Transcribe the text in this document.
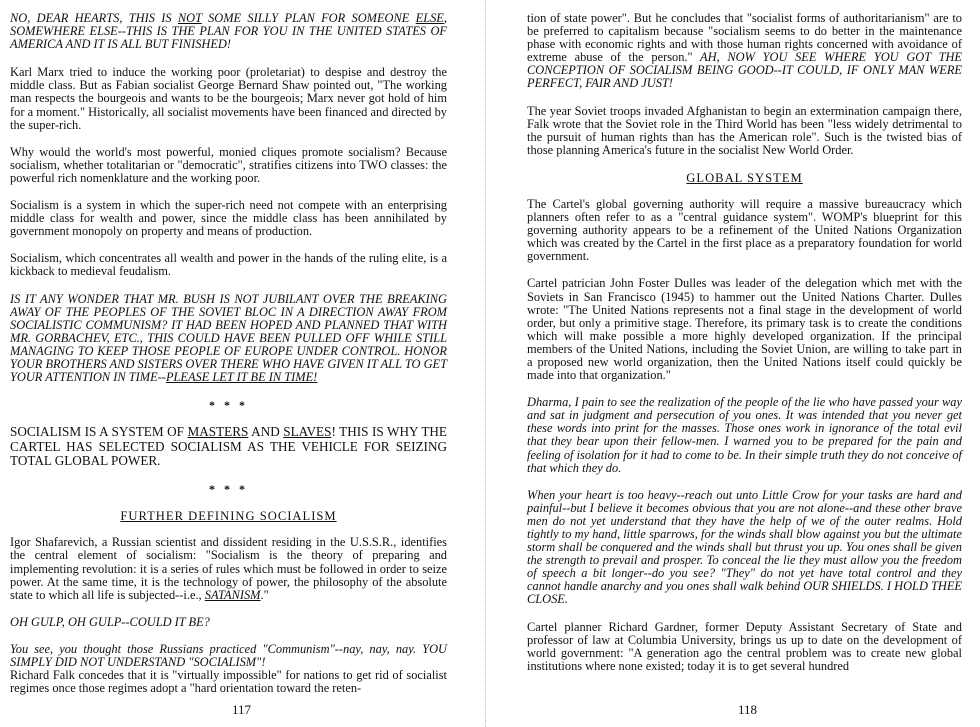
NO, DEAR HEARTS, THIS IS NOT SOME SILLY PLAN FOR SOMEONE ELSE, SOMEWHERE ELSE--THIS IS THE PLAN FOR YOU IN THE UNITED STATES OF AMERICA AND IT IS ALL BUT FINISHED!

Karl Marx tried to induce the working poor (proletariat) to despise and destroy the middle class. But as Fabian socialist George Bernard Shaw pointed out, "The working man respects the bourgeois and wants to be the bourgeois; Marx never got hold of him for a moment." Historically, all socialist movements have been financed and directed by the super-rich.

Why would the world's most powerful, monied cliques promote socialism? Because socialism, whether totalitarian or "democratic", stratifies citizens into TWO classes: the powerful rich nomenklature and the working poor.

Socialism is a system in which the super-rich need not compete with an enterprising middle class for wealth and power, since the middle class has been annihilated by government monopoly on property and means of production.

Socialism, which concentrates all wealth and power in the hands of the ruling elite, is a kickback to medieval feudalism.

IS IT ANY WONDER THAT MR. BUSH IS NOT JUBILANT OVER THE BREAKING AWAY OF THE PEOPLES OF THE SOVIET BLOC IN A DIRECTION AWAY FROM SOCIALISTIC COMMUNISM? IT HAD BEEN HOPED AND PLANNED THAT WITH MR. GORBACHEV, ETC., THIS COULD HAVE BEEN PULLED OFF WHILE STILL MANAGING TO KEEP THOSE PEOPLE OF EUROPE UNDER CONTROL. HONOR YOUR BROTHERS AND SISTERS OVER THERE WHO HAVE GIVEN IT ALL TO GET YOUR ATTENTION IN TIME--PLEASE LET IT BE IN TIME!

* * *

SOCIALISM IS A SYSTEM OF MASTERS AND SLAVES! THIS IS WHY THE CARTEL HAS SELECTED SOCIALISM AS THE VEHICLE FOR SEIZING TOTAL GLOBAL POWER.

* * *
FURTHER DEFINING SOCIALISM

Igor Shafarevich, a Russian scientist and dissident residing in the U.S.S.R., identifies the central element of socialism: "Socialism is the theory of preparing and implementing revolution: it is a series of rules which must be followed in order to seize power. At the same time, it is the technology of power, the philosophy of the absolute state to which all life is subjected--i.e., SATANISM."

OH GULP, OH GULP--COULD IT BE?

You see, you thought those Russians practiced "Communism"--nay, nay, nay. YOU SIMPLY DID NOT UNDERSTAND "SOCIALISM"!

Richard Falk concedes that it is "virtually impossible" for nations to get rid of socialist regimes once those regimes adopt a "hard orientation toward the reten-

117

tion of state power". But he concludes that "socialist forms of authoritarianism" are to be preferred to capitalism because "socialism seems to do better in the maintenance phase with economic rights and with those human rights concerned with avoidance of extreme abuse of the person." AH, NOW YOU SEE WHERE YOU GOT THE CONCEPTION OF SOCIALISM BEING GOOD--IT COULD, IF ONLY MAN WERE PERFECT, FAIR AND JUST!

The year Soviet troops invaded Afghanistan to begin an extermination campaign there, Falk wrote that the Soviet role in the Third World has been "less widely detrimental to the pursuit of human rights than has the American role". Such is the twisted bias of those planning America's future in the socialist New World Order.

GLOBAL SYSTEM

The Cartel's global governing authority will require a massive bureaucracy which planners often refer to as a "central guidance system". WOMP's blueprint for this governing authority appears to be a refinement of the United Nations Organization which was created by the Cartel in the first place as a preparatory foundation for world government.

Cartel patrician John Foster Dulles was leader of the delegation which met with the Soviets in San Francisco (1945) to hammer out the United Nations Charter. Dulles wrote: "The United Nations represents not a final stage in the development of world order, but only a primitive stage. Therefore, its primary task is to create the conditions which will make possible a more highly developed organization. If the principal members of the United Nations, including the Soviet Union, are willing to take part in a proposed new world organization, then the United Nations itself could quickly be made into that organization."

Dharma, I pain to see the realization of the people of the lie who have passed your way and sat in judgment and persecution of you ones. It was intended that you never get these words into print for the masses. Those ones work in ignorance of the total evil that they bear upon their fellow-men. I warned you to be prepared for the pain and feeling of isolation for it had to come to be. In their simple truth they do not conceive of that which they do.

When your heart is too heavy--reach out unto Little Crow for your tasks are hard and painful--but I believe it becomes obvious that you are not alone--and these other brave men do not yet understand that they have the help of we of the outer realms. Hold tightly to my hand, little sparrows, for the winds shall blow against you but the ultimate storm shall be conquered and the winds shall but thrust you up. You ones shall be given the strength to prevail and prosper. To conceal the lie they must allow you the freedom of speech a bit longer--do you see? "They" do not yet have total control and they cannot handle anarchy and you ones shall walk behind OUR SHIELDS. I HOLD THEE CLOSE.

Cartel planner Richard Gardner, former Deputy Assistant Secretary of State and professor of law at Columbia University, brings us up to date on the development of world government: "A generation ago the central problem was to create new global institutions where none existed; today it is to get several hundred

118
